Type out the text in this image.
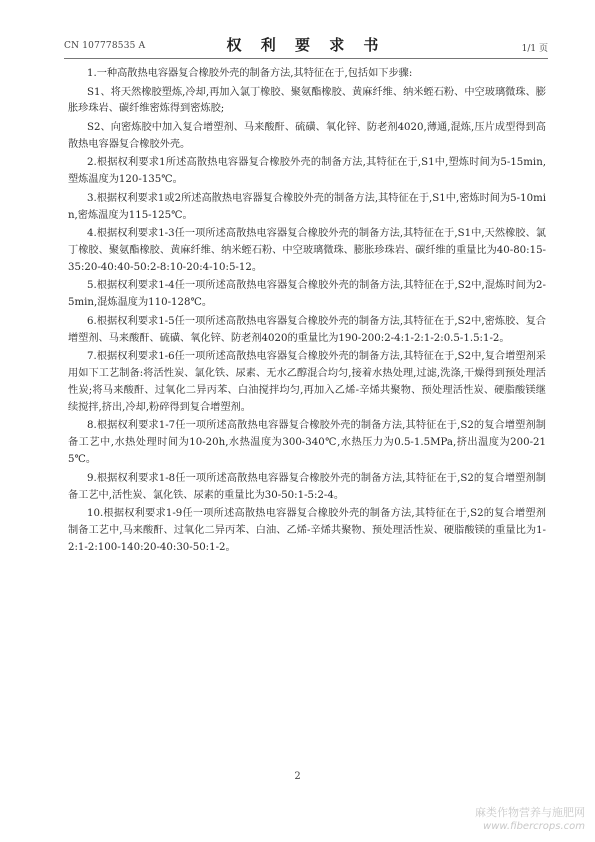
CN 107778535 A	权 利 要 求 书	1/1 页

1.一种高散热电容器复合橡胶外壳的制备方法,其特征在于,包括如下步骤:

S1、将天然橡胶塑炼,冷却,再加入氯丁橡胶、聚氨酯橡胶、黄麻纤维、纳米蛭石粉、中空玻璃微珠、膨胀珍珠岩、碳纤维密炼得到密炼胶;

S2、向密炼胶中加入复合增塑剂、马来酸酐、硫磺、氧化锌、防老剂4020,薄通,混炼,压片成型得到高散热电容器复合橡胶外壳。

2.根据权利要求1所述高散热电容器复合橡胶外壳的制备方法,其特征在于,S1中,塑炼时间为5-15min,塑炼温度为120-135℃。

3.根据权利要求1或2所述高散热电容器复合橡胶外壳的制备方法,其特征在于,S1中,密炼时间为5-10min,密炼温度为115-125℃。

4.根据权利要求1-3任一项所述高散热电容器复合橡胶外壳的制备方法,其特征在于,S1中,天然橡胶、氯丁橡胶、聚氨酯橡胶、黄麻纤维、纳米蛭石粉、中空玻璃微珠、膨胀珍珠岩、碳纤维的重量比为40-80:15-35:20-40:40-50:2-8:10-20:4-10:5-12。

5.根据权利要求1-4任一项所述高散热电容器复合橡胶外壳的制备方法,其特征在于,S2中,混炼时间为2-5min,混炼温度为110-128℃。

6.根据权利要求1-5任一项所述高散热电容器复合橡胶外壳的制备方法,其特征在于,S2中,密炼胶、复合增塑剂、马来酸酐、硫磺、氧化锌、防老剂4020的重量比为190-200:2-4:1-2:1-2:0.5-1.5:1-2。

7.根据权利要求1-6任一项所述高散热电容器复合橡胶外壳的制备方法,其特征在于,S2中,复合增塑剂采用如下工艺制备:将活性炭、氯化铁、尿素、无水乙醇混合均匀,接着水热处理,过滤,洗涤,干燥得到预处理活性炭;将马来酸酐、过氧化二异丙苯、白油搅拌均匀,再加入乙烯-辛烯共聚物、预处理活性炭、硬脂酸镁继续搅拌,挤出,冷却,粉碎得到复合增塑剂。

8.根据权利要求1-7任一项所述高散热电容器复合橡胶外壳的制备方法,其特征在于,S2的复合增塑剂制备工艺中,水热处理时间为10-20h,水热温度为300-340℃,水热压力为0.5-1.5MPa,挤出温度为200-215℃。

9.根据权利要求1-8任一项所述高散热电容器复合橡胶外壳的制备方法,其特征在于,S2的复合增塑剂制备工艺中,活性炭、氯化铁、尿素的重量比为30-50:1-5:2-4。

10.根据权利要求1-9任一项所述高散热电容器复合橡胶外壳的制备方法,其特征在于,S2的复合增塑剂制备工艺中,马来酸酐、过氧化二异丙苯、白油、乙烯-辛烯共聚物、预处理活性炭、硬脂酸镁的重量比为1-2:1-2:100-140:20-40:30-50:1-2。

2
麻类作物营养与施肥网
www.fibercrops.com
